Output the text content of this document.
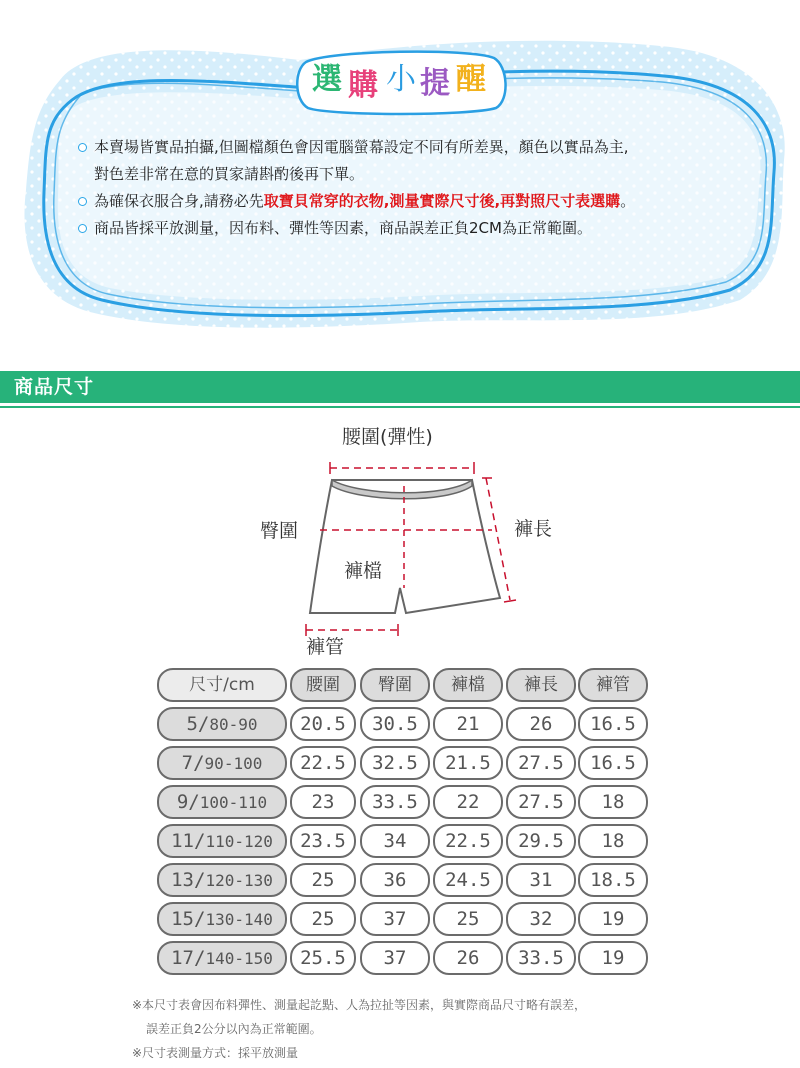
選 購 小 提 醒
本賣場皆實品拍攝,但圖檔顏色會因電腦螢幕設定不同有所差異，顏色以實品為主,
對色差非常在意的買家請斟酌後再下單。
為確保衣服合身,請務必先取寶貝常穿的衣物,測量實際尺寸後,再對照尺寸表選購。
商品皆採平放測量，因布料、彈性等因素，商品誤差正負2CM為正常範圍。
商品尺寸
腰圍(彈性)
臀圍	褲長
褲檔
褲管
尺寸/cm	腰圍	臀圍	褲檔	褲長	褲管
5/80-90	20.5	30.5	21	26	16.5
7/90-100	22.5	32.5	21.5	27.5	16.5
9/100-110	23	33.5	22	27.5	18
11/110-120	23.5	34	22.5	29.5	18
13/120-130	25	36	24.5	31	18.5
15/130-140	25	37	25	32	19
17/140-150	25.5	37	26	33.5	19
※本尺寸表會因布料彈性、測量起訖點、人為拉扯等因素，與實際商品尺寸略有誤差，
誤差正負2公分以內為正常範圍。
※尺寸表測量方式：採平放測量
